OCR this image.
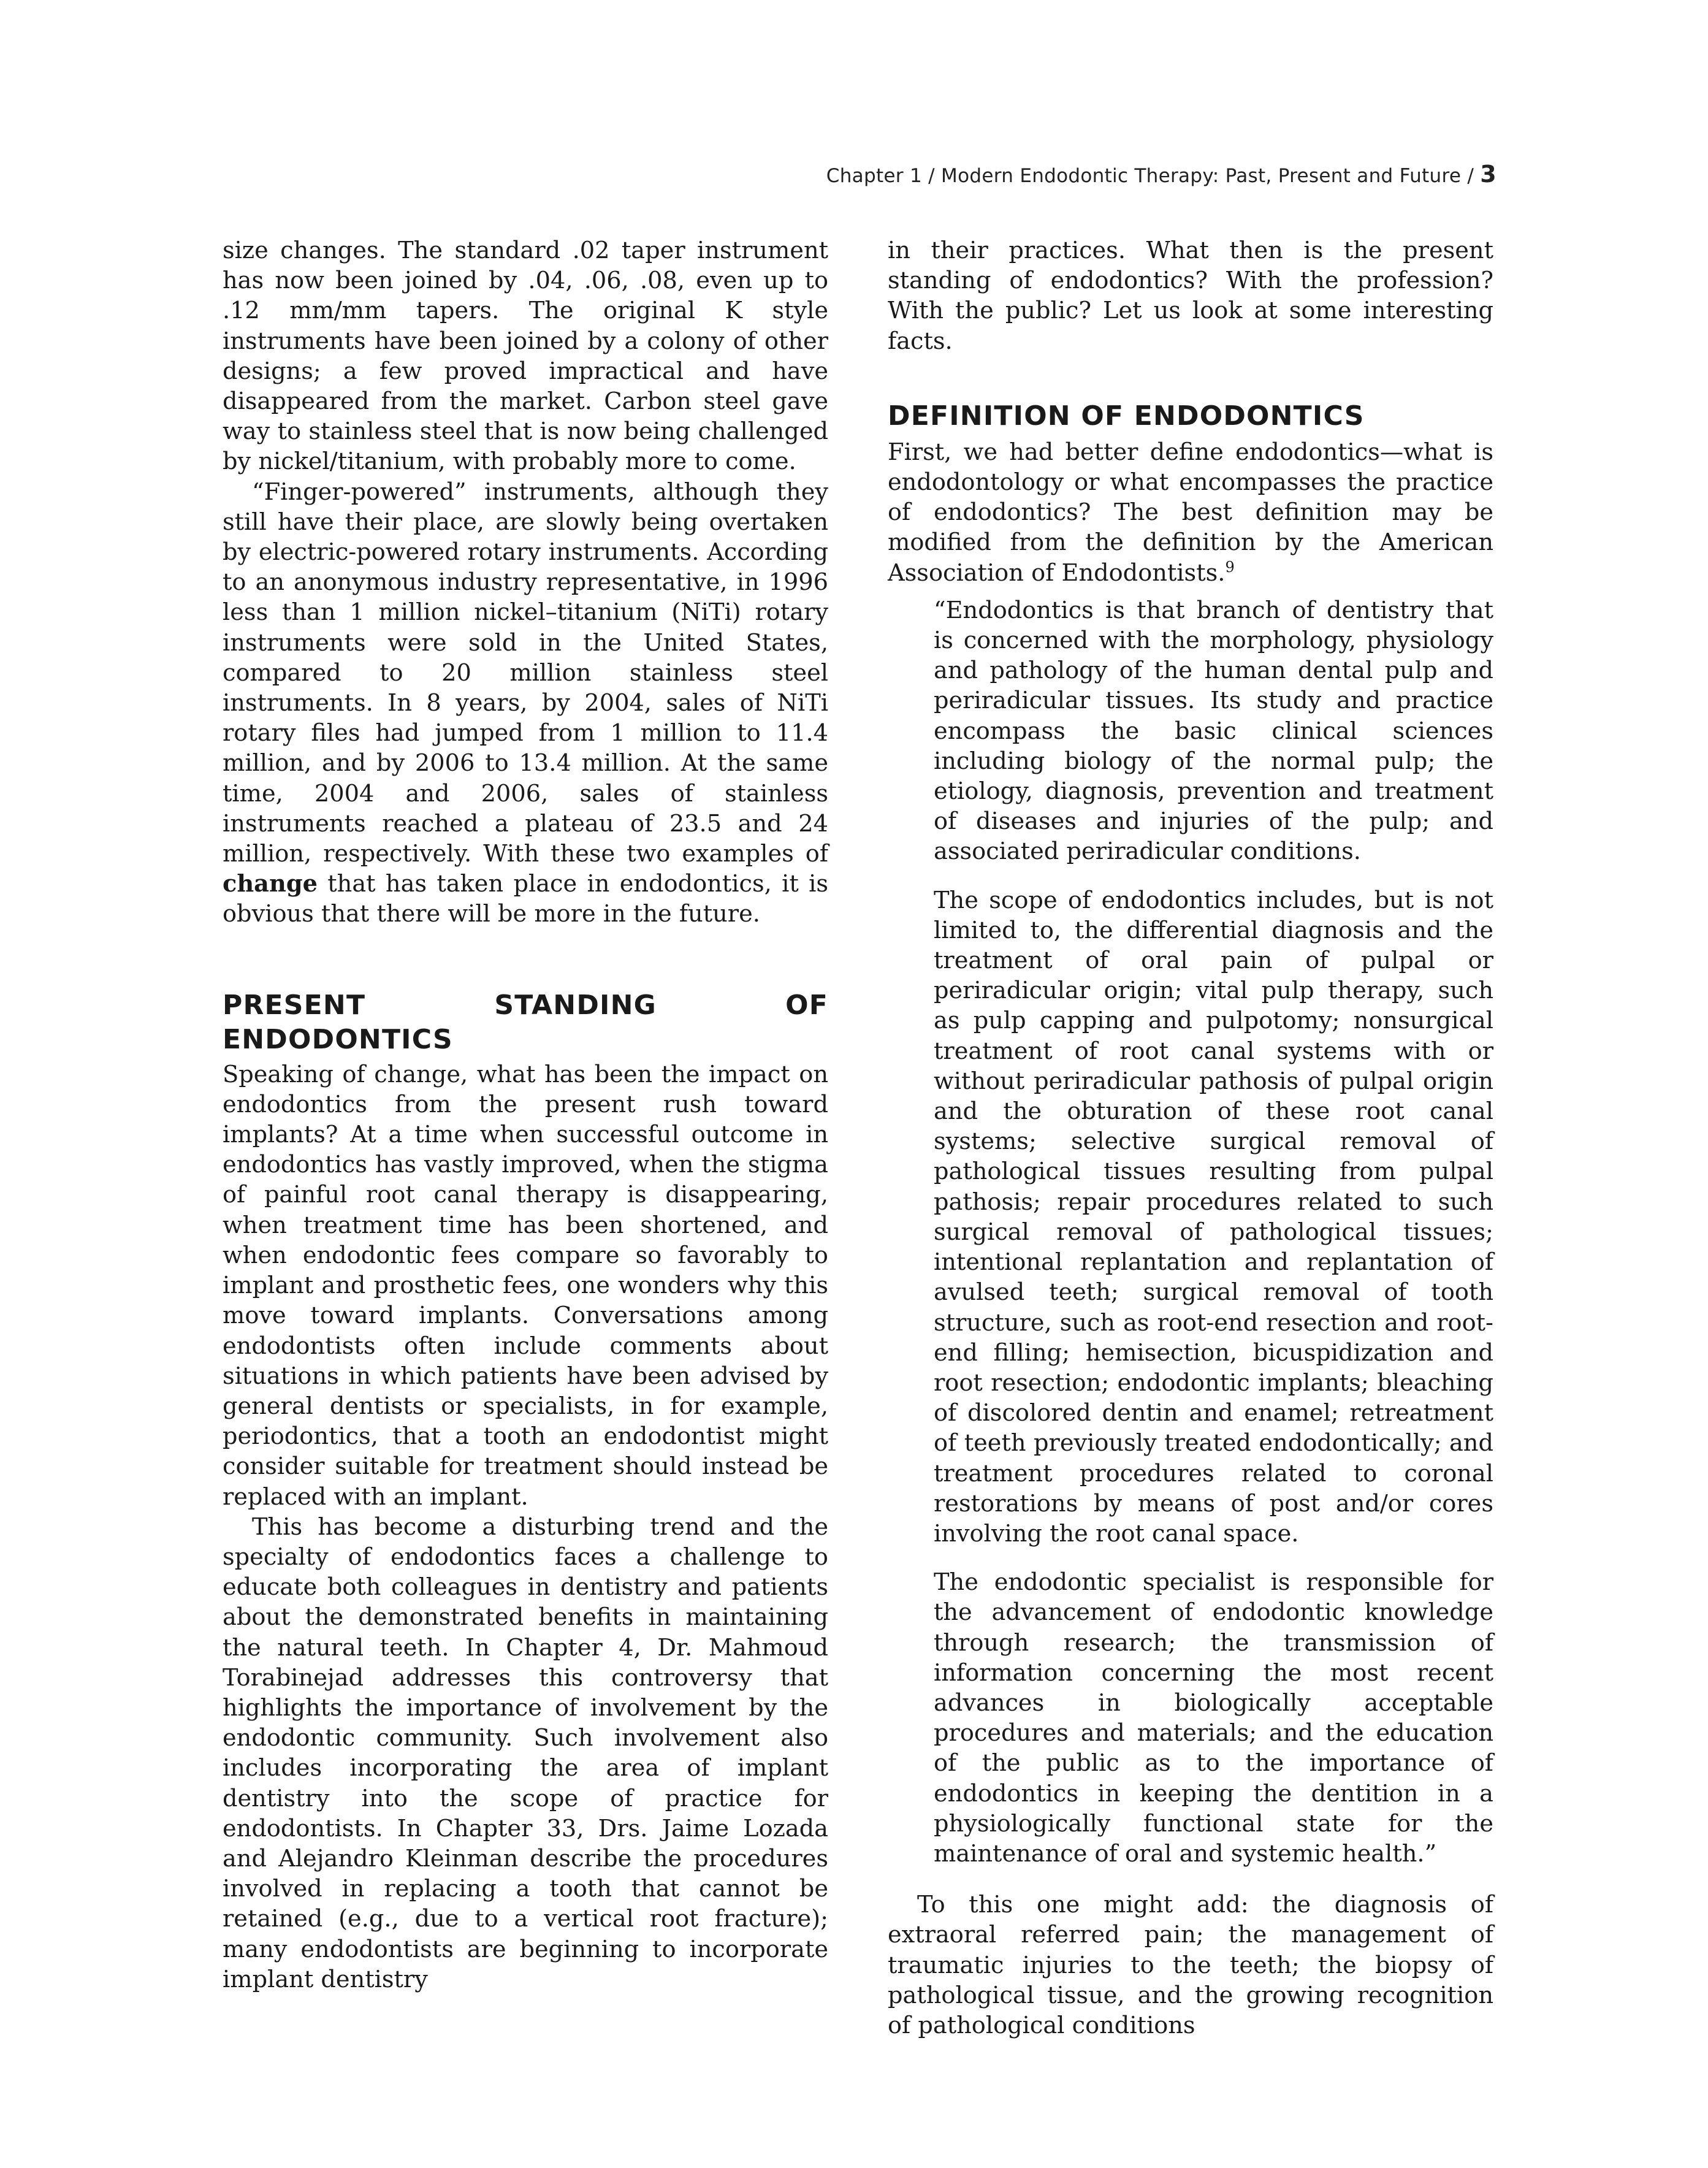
Chapter 1 / Modern Endodontic Therapy: Past, Present and Future / 3

size changes. The standard .02 taper instrument has now been joined by .04, .06, .08, even up to .12 mm/mm tapers. The original K style instruments have been joined by a colony of other designs; a few proved impractical and have disappeared from the market. Carbon steel gave way to stainless steel that is now being challenged by nickel/titanium, with probably more to come.

“Finger-powered” instruments, although they still have their place, are slowly being overtaken by electric-powered rotary instruments. According to an anonymous industry representative, in 1996 less than 1 million nickel–titanium (NiTi) rotary instruments were sold in the United States, compared to 20 million stainless steel instruments. In 8 years, by 2004, sales of NiTi rotary files had jumped from 1 million to 11.4 million, and by 2006 to 13.4 million. At the same time, 2004 and 2006, sales of stainless instruments reached a plateau of 23.5 and 24 million, respectively. With these two examples of change that has taken place in endodontics, it is obvious that there will be more in the future.

PRESENT STANDING OF ENDODONTICS

Speaking of change, what has been the impact on endodontics from the present rush toward implants? At a time when successful outcome in endodontics has vastly improved, when the stigma of painful root canal therapy is disappearing, when treatment time has been shortened, and when endodontic fees compare so favorably to implant and prosthetic fees, one wonders why this move toward implants. Conversations among endodontists often include comments about situations in which patients have been advised by general dentists or specialists, in for example, periodontics, that a tooth an endodontist might consider suitable for treatment should instead be replaced with an implant.

This has become a disturbing trend and the specialty of endodontics faces a challenge to educate both colleagues in dentistry and patients about the demonstrated benefits in maintaining the natural teeth. In Chapter 4, Dr. Mahmoud Torabinejad addresses this controversy that highlights the importance of involvement by the endodontic community. Such involvement also includes incorporating the area of implant dentistry into the scope of practice for endodontists. In Chapter 33, Drs. Jaime Lozada and Alejandro Kleinman describe the procedures involved in replacing a tooth that cannot be retained (e.g., due to a vertical root fracture); many endodontists are beginning to incorporate implant dentistry

in their practices. What then is the present standing of endodontics? With the profession? With the public? Let us look at some interesting facts.

DEFINITION OF ENDODONTICS

First, we had better define endodontics—what is endodontology or what encompasses the practice of endodontics? The best definition may be modified from the definition by the American Association of Endodontists.$^9$

“Endodontics is that branch of dentistry that is concerned with the morphology, physiology and pathology of the human dental pulp and periradicular tissues. Its study and practice encompass the basic clinical sciences including biology of the normal pulp; the etiology, diagnosis, prevention and treatment of diseases and injuries of the pulp; and associated periradicular conditions.

The scope of endodontics includes, but is not limited to, the differential diagnosis and the treatment of oral pain of pulpal or periradicular origin; vital pulp therapy, such as pulp capping and pulpotomy; nonsurgical treatment of root canal systems with or without periradicular pathosis of pulpal origin and the obturation of these root canal systems; selective surgical removal of pathological tissues resulting from pulpal pathosis; repair procedures related to such surgical removal of pathological tissues; intentional replantation and replantation of avulsed teeth; surgical removal of tooth structure, such as root-end resection and root-end filling; hemisection, bicuspidization and root resection; endodontic implants; bleaching of discolored dentin and enamel; retreatment of teeth previously treated endodontically; and treatment procedures related to coronal restorations by means of post and/or cores involving the root canal space.

The endodontic specialist is responsible for the advancement of endodontic knowledge through research; the transmission of information concerning the most recent advances in biologically acceptable procedures and materials; and the education of the public as to the importance of endodontics in keeping the dentition in a physiologically functional state for the maintenance of oral and systemic health.”

To this one might add: the diagnosis of extraoral referred pain; the management of traumatic injuries to the teeth; the biopsy of pathological tissue, and the growing recognition of pathological conditions
